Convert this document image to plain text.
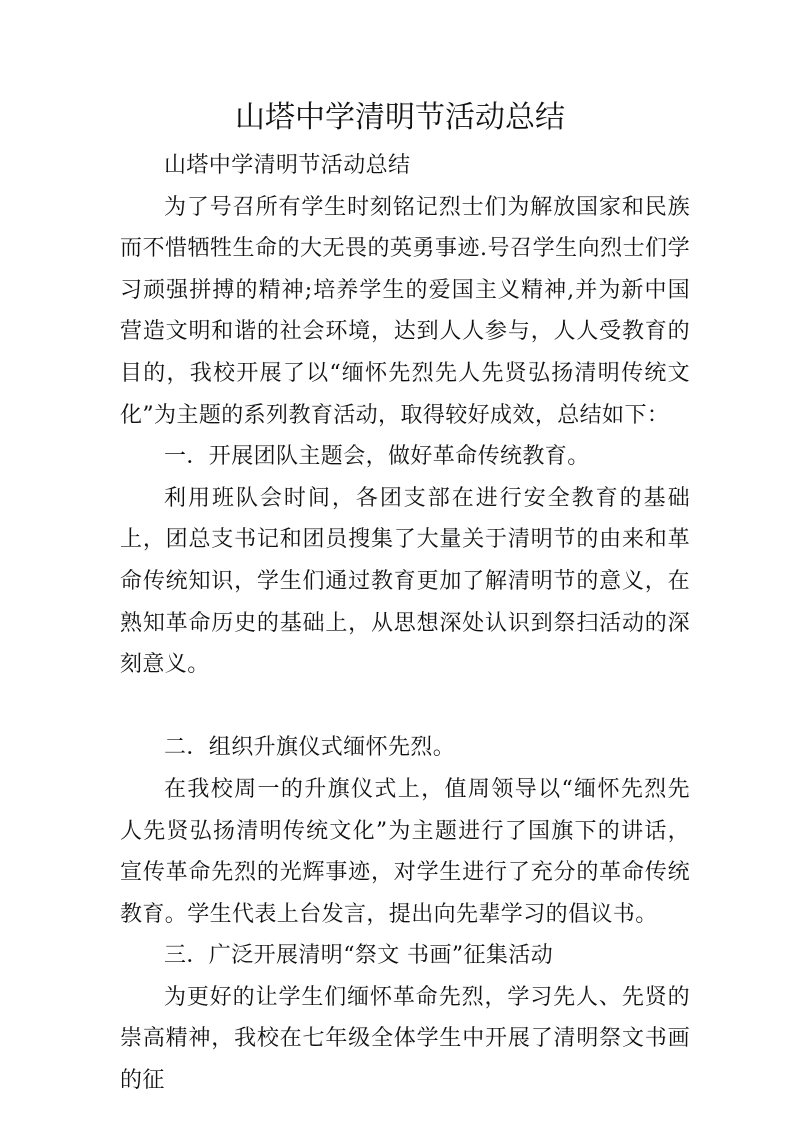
山塔中学清明节活动总结

山塔中学清明节活动总结

为了号召所有学生时刻铭记烈士们为解放国家和民族而不惜牺牲生命的大无畏的英勇事迹.号召学生向烈士们学习顽强拼搏的精神;培养学生的爱国主义精神,并为新中国营造文明和谐的社会环境，达到人人参与，人人受教育的目的，我校开展了以“缅怀先烈先人先贤弘扬清明传统文化”为主题的系列教育活动，取得较好成效，总结如下：

一．开展团队主题会，做好革命传统教育。

利用班队会时间，各团支部在进行安全教育的基础上，团总支书记和团员搜集了大量关于清明节的由来和革命传统知识，学生们通过教育更加了解清明节的意义，在熟知革命历史的基础上，从思想深处认识到祭扫活动的深刻意义。

二．组织升旗仪式缅怀先烈。

在我校周一的升旗仪式上，值周领导以“缅怀先烈先人先贤弘扬清明传统文化”为主题进行了国旗下的讲话，宣传革命先烈的光辉事迹，对学生进行了充分的革命传统教育。学生代表上台发言，提出向先辈学习的倡议书。

三．广泛开展清明“祭文 书画”征集活动

为更好的让学生们缅怀革命先烈，学习先人、先贤的崇高精神，我校在七年级全体学生中开展了清明祭文书画的征
